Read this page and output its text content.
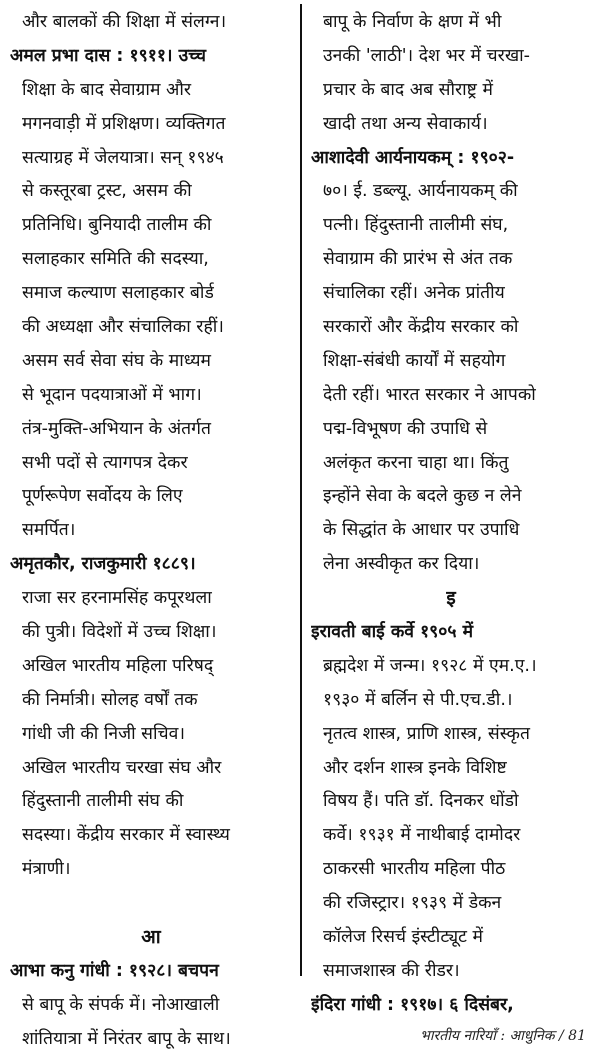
और बालकों की शिक्षा में संलग्न।
अमल प्रभा दास : १९११। उच्च
शिक्षा के बाद सेवाग्राम और
मगनवाड़ी में प्रशिक्षण। व्यक्तिगत
सत्याग्रह में जेलयात्रा। सन् १९४५
से कस्तूरबा ट्रस्ट, असम की
प्रतिनिधि। बुनियादी तालीम की
सलाहकार समिति की सदस्या,
समाज कल्याण सलाहकार बोर्ड
की अध्यक्षा और संचालिका रहीं।
असम सर्व सेवा संघ के माध्यम
से भूदान पदयात्राओं में भाग।
तंत्र-मुक्ति-अभियान के अंतर्गत
सभी पदों से त्यागपत्र देकर
पूर्णरूपेण सर्वोदय के लिए
समर्पित।
अमृतकौर, राजकुमारी १८८९।
राजा सर हरनामसिंह कपूरथला
की पुत्री। विदेशों में उच्च शिक्षा।
अखिल भारतीय महिला परिषद्
की निर्मात्री। सोलह वर्षों तक
गांधी जी की निजी सचिव।
अखिल भारतीय चरखा संघ और
हिंदुस्तानी तालीमी संघ की
सदस्या। केंद्रीय सरकार में स्वास्थ्य
मंत्राणी।
आ
आभा कनु गांधी : १९२८। बचपन
से बापू के संपर्क में। नोआखाली
शांतियात्रा में निरंतर बापू के साथ।
बापू के निर्वाण के क्षण में भी
उनकी 'लाठी'। देश भर में चरखा-
प्रचार के बाद अब सौराष्ट्र में
खादी तथा अन्य सेवाकार्य।
आशादेवी आर्यनायकम् : १९०२-
७०। ई. डब्ल्यू. आर्यनायकम् की
पत्नी। हिंदुस्तानी तालीमी संघ,
सेवाग्राम की प्रारंभ से अंत तक
संचालिका रहीं। अनेक प्रांतीय
सरकारों और केंद्रीय सरकार को
शिक्षा-संबंधी कार्यों में सहयोग
देती रहीं। भारत सरकार ने आपको
पद्म-विभूषण की उपाधि से
अलंकृत करना चाहा था। किंतु
इन्होंने सेवा के बदले कुछ न लेने
के सिद्धांत के आधार पर उपाधि
लेना अस्वीकृत कर दिया।
इ
इरावती बाई कर्वे १९०५ में
ब्रह्मदेश में जन्म। १९२८ में एम.ए.।
१९३० में बर्लिन से पी.एच.डी.।
नृतत्व शास्त्र, प्राणि शास्त्र, संस्कृत
और दर्शन शास्त्र इनके विशिष्ट
विषय हैं। पति डॉ. दिनकर धोंडो
कर्वे। १९३१ में नाथीबाई दामोदर
ठाकरसी भारतीय महिला पीठ
की रजिस्ट्रार। १९३९ में डेकन
कॉलेज रिसर्च इंस्टीट्यूट में
समाजशास्त्र की रीडर।
इंदिरा गांधी : १९१७। ६ दिसंबर,
भारतीय नारियाँ : आधुनिक / 81
